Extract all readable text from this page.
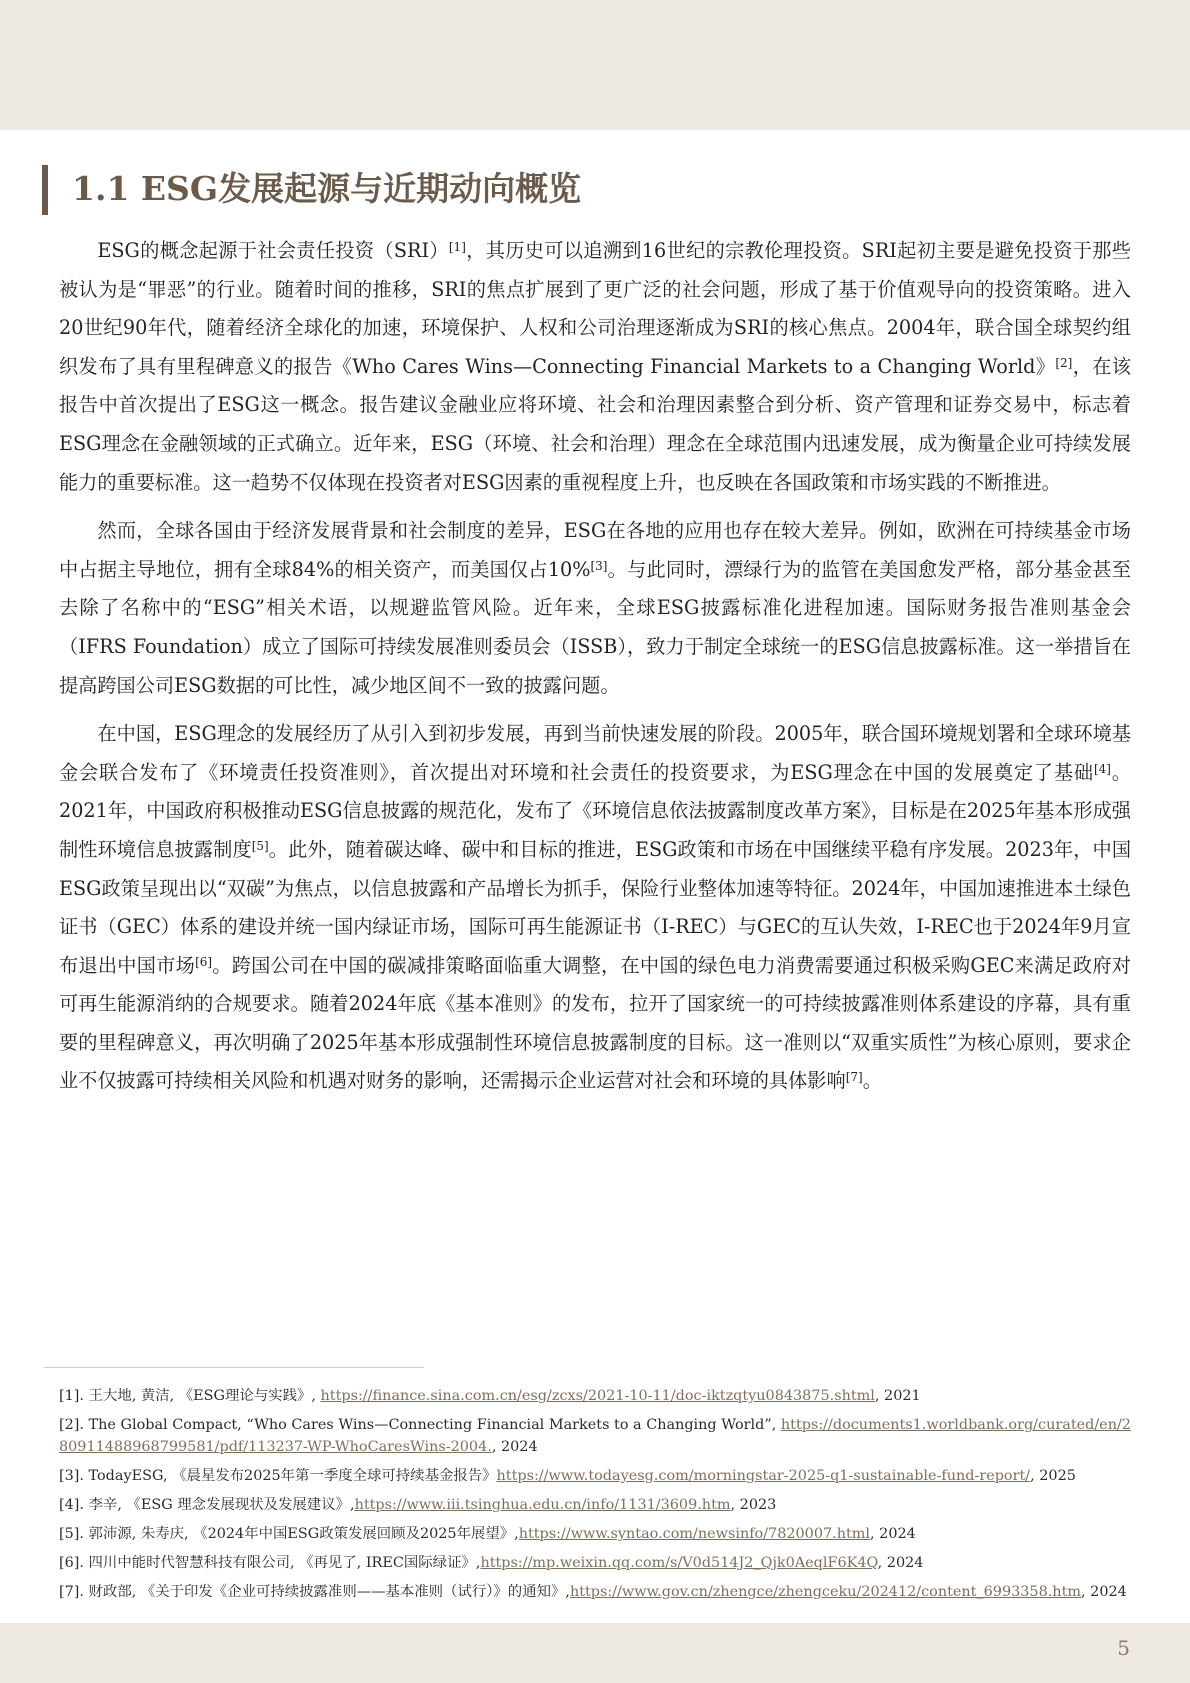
1.1 ESG发展起源与近期动向概览

ESG的概念起源于社会责任投资（SRI）[1]，其历史可以追溯到16世纪的宗教伦理投资。SRI起初主要是避免投资于那些被认为是“罪恶”的行业。随着时间的推移，SRI的焦点扩展到了更广泛的社会问题，形成了基于价值观导向的投资策略。进入20世纪90年代，随着经济全球化的加速，环境保护、人权和公司治理逐渐成为SRI的核心焦点。2004年，联合国全球契约组织发布了具有里程碑意义的报告《Who Cares Wins—Connecting Financial Markets to a Changing World》[2]，在该报告中首次提出了ESG这一概念。报告建议金融业应将环境、社会和治理因素整合到分析、资产管理和证券交易中，标志着ESG理念在金融领域的正式确立。近年来，ESG（环境、社会和治理）理念在全球范围内迅速发展，成为衡量企业可持续发展能力的重要标准。这一趋势不仅体现在投资者对ESG因素的重视程度上升，也反映在各国政策和市场实践的不断推进。

然而，全球各国由于经济发展背景和社会制度的差异，ESG在各地的应用也存在较大差异。例如，欧洲在可持续基金市场中占据主导地位，拥有全球84%的相关资产，而美国仅占10%[3]。与此同时，漂绿行为的监管在美国愈发严格，部分基金甚至去除了名称中的“ESG”相关术语，以规避监管风险。近年来，全球ESG披露标准化进程加速。国际财务报告准则基金会（IFRS Foundation）成立了国际可持续发展准则委员会（ISSB），致力于制定全球统一的ESG信息披露标准。这一举措旨在提高跨国公司ESG数据的可比性，减少地区间不一致的披露问题。

在中国，ESG理念的发展经历了从引入到初步发展，再到当前快速发展的阶段。2005年，联合国环境规划署和全球环境基金会联合发布了《环境责任投资准则》，首次提出对环境和社会责任的投资要求，为ESG理念在中国的发展奠定了基础[4]。2021年，中国政府积极推动ESG信息披露的规范化，发布了《环境信息依法披露制度改革方案》，目标是在2025年基本形成强制性环境信息披露制度[5]。此外，随着碳达峰、碳中和目标的推进，ESG政策和市场在中国继续平稳有序发展。2023年，中国ESG政策呈现出以“双碳”为焦点，以信息披露和产品增长为抓手，保险行业整体加速等特征。2024年，中国加速推进本土绿色证书（GEC）体系的建设并统一国内绿证市场，国际可再生能源证书（I-REC）与GEC的互认失效，I-REC也于2024年9月宣布退出中国市场[6]。跨国公司在中国的碳减排策略面临重大调整，在中国的绿色电力消费需要通过积极采购GEC来满足政府对可再生能源消纳的合规要求。随着2024年底《基本准则》的发布，拉开了国家统一的可持续披露准则体系建设的序幕，具有重要的里程碑意义，再次明确了2025年基本形成强制性环境信息披露制度的目标。这一准则以“双重实质性”为核心原则，要求企业不仅披露可持续相关风险和机遇对财务的影响，还需揭示企业运营对社会和环境的具体影响[7]。

[1]. 王大地, 黄洁, 《ESG理论与实践》, https://finance.sina.com.cn/esg/zcxs/2021-10-11/doc-iktzqtyu0843875.shtml, 2021
[2]. The Global Compact, “Who Cares Wins—Connecting Financial Markets to a Changing World”, https://documents1.worldbank.org/curated/en/280911488968799581/pdf/113237-WP-WhoCaresWins-2004., 2024
[3]. TodayESG, 《晨星发布2025年第一季度全球可持续基金报告》https://www.todayesg.com/morningstar-2025-q1-sustainable-fund-report/, 2025
[4]. 李辛, 《ESG 理念发展现状及发展建议》,https://www.iii.tsinghua.edu.cn/info/1131/3609.htm, 2023
[5]. 郭沛源, 朱寿庆, 《2024年中国ESG政策发展回顾及2025年展望》,https://www.syntao.com/newsinfo/7820007.html, 2024
[6]. 四川中能时代智慧科技有限公司, 《再见了, IREC国际绿证》,https://mp.weixin.qq.com/s/V0d514J2_Qjk0AeqlF6K4Q, 2024
[7]. 财政部, 《关于印发《企业可持续披露准则——基本准则（试行）》的通知》,https://www.gov.cn/zhengce/zhengceku/202412/content_6993358.htm, 2024
5
